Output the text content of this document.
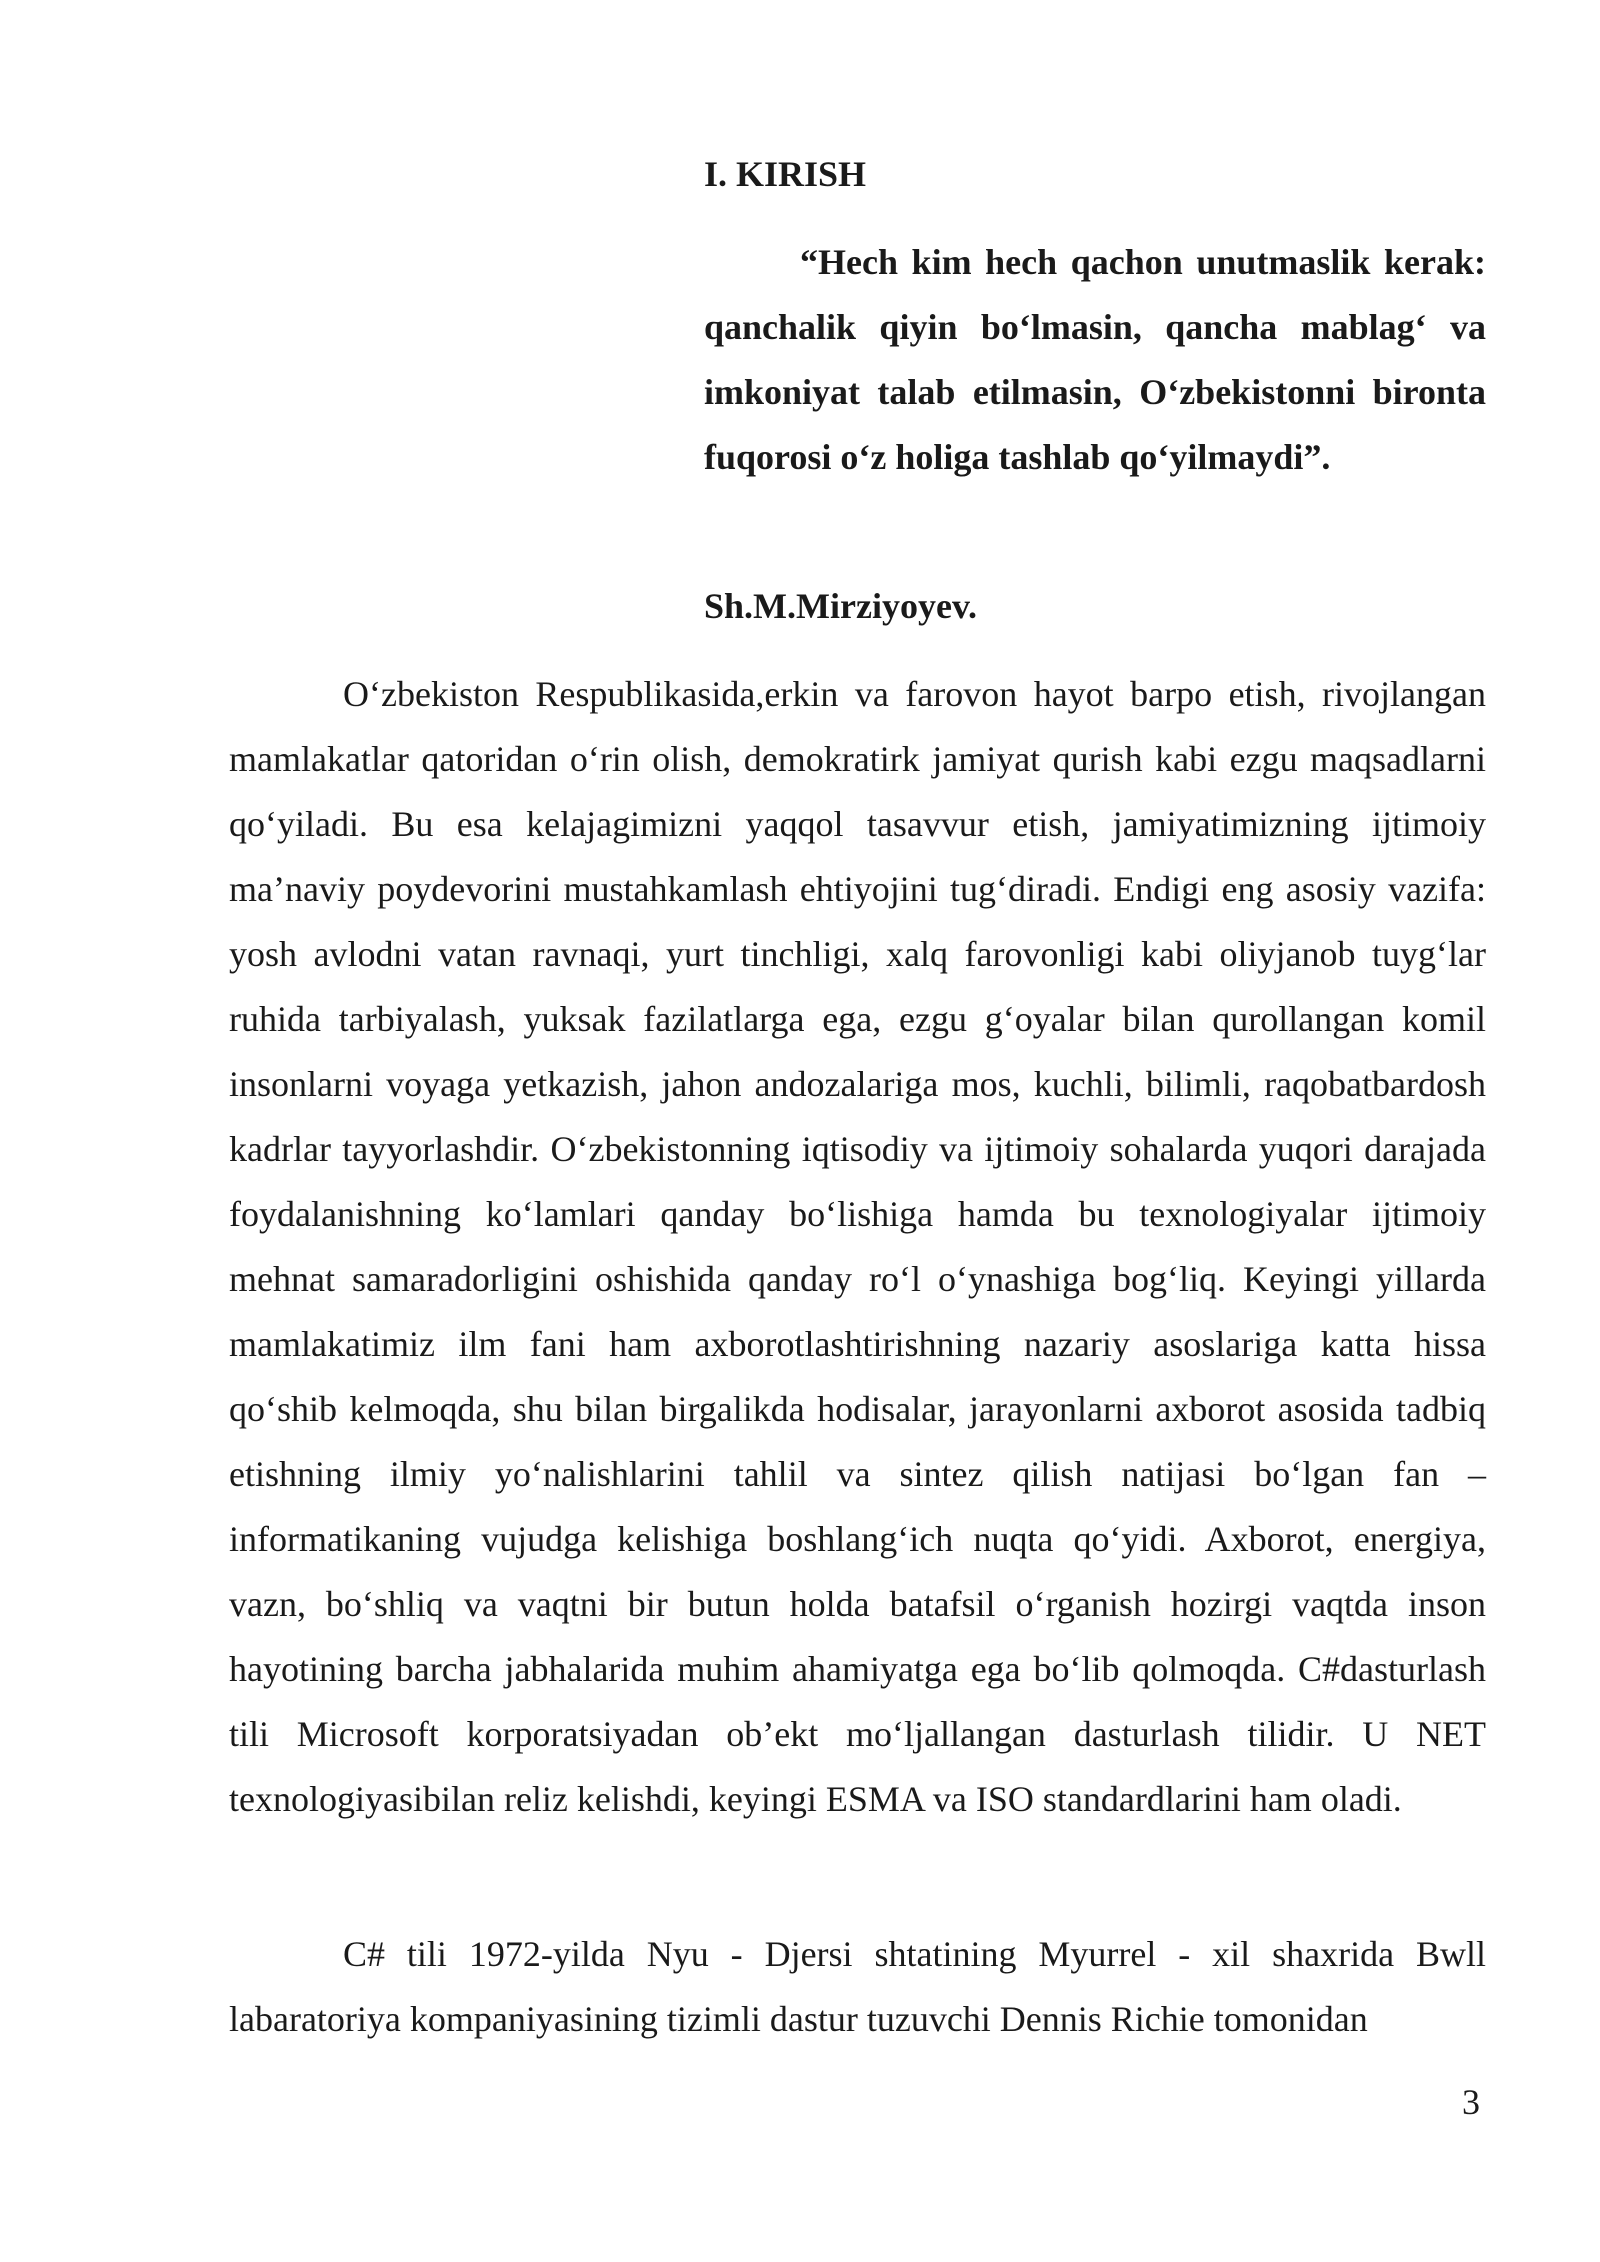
I. KIRISH

“Hech kim hech qachon unutmaslik kerak: qanchalik qiyin bo‘lmasin, qancha mablag‘ va imkoniyat talab etilmasin, O‘zbekistonni bironta fuqorosi o‘z holiga tashlab qo‘yilmaydi”.

Sh.M.Mirziyoyev.

O‘zbekiston Respublikasida,erkin va farovon hayot barpo etish, rivojlangan mamlakatlar qatoridan o‘rin olish, demokratirk jamiyat qurish kabi ezgu maqsadlarni qo‘yiladi. Bu esa kelajagimizni yaqqol tasavvur etish, jamiyatimizning ijtimoiy ma’naviy poydevorini mustahkamlash ehtiyojini tug‘diradi. Endigi eng asosiy vazifa: yosh avlodni vatan ravnaqi, yurt tinchligi, xalq farovonligi kabi oliyjanob tuyg‘lar ruhida tarbiyalash, yuksak fazilatlarga ega, ezgu g‘oyalar bilan qurollangan komil insonlarni voyaga yetkazish, jahon andozalariga mos, kuchli, bilimli, raqobatbardosh kadrlar tayyorlashdir. O‘zbekistonning iqtisodiy va ijtimoiy sohalarda yuqori darajada foydalanishning ko‘lamlari qanday bo‘lishiga hamda bu texnologiyalar ijtimoiy mehnat samaradorligini oshishida qanday ro‘l o‘ynashiga bog‘liq. Keyingi yillarda mamlakatimiz ilm fani ham axborotlashtirishning nazariy asoslariga katta hissa qo‘shib kelmoqda, shu bilan birgalikda hodisalar, jarayonlarni axborot asosida tadbiq etishning ilmiy yo‘nalishlarini tahlil va sintez qilish natijasi bo‘lgan fan – informatikaning vujudga kelishiga boshlang‘ich nuqta qo‘yidi. Axborot, energiya, vazn, bo‘shliq va vaqtni bir butun holda batafsil o‘rganish hozirgi vaqtda inson hayotining barcha jabhalarida muhim ahamiyatga ega bo‘lib qolmoqda. C#dasturlash tili Microsoft korporatsiyadan ob’ekt mo‘ljallangan dasturlash tilidir. U NET texnologiyasibilan reliz kelishdi, keyingi ESMA va ISO standardlarini ham oladi.

C# tili 1972-yilda Nyu - Djersi shtatining Myurrel - xil shaxrida Bwll labaratoriya kompaniyasining tizimli dastur tuzuvchi Dennis Richie tomonidan

3
